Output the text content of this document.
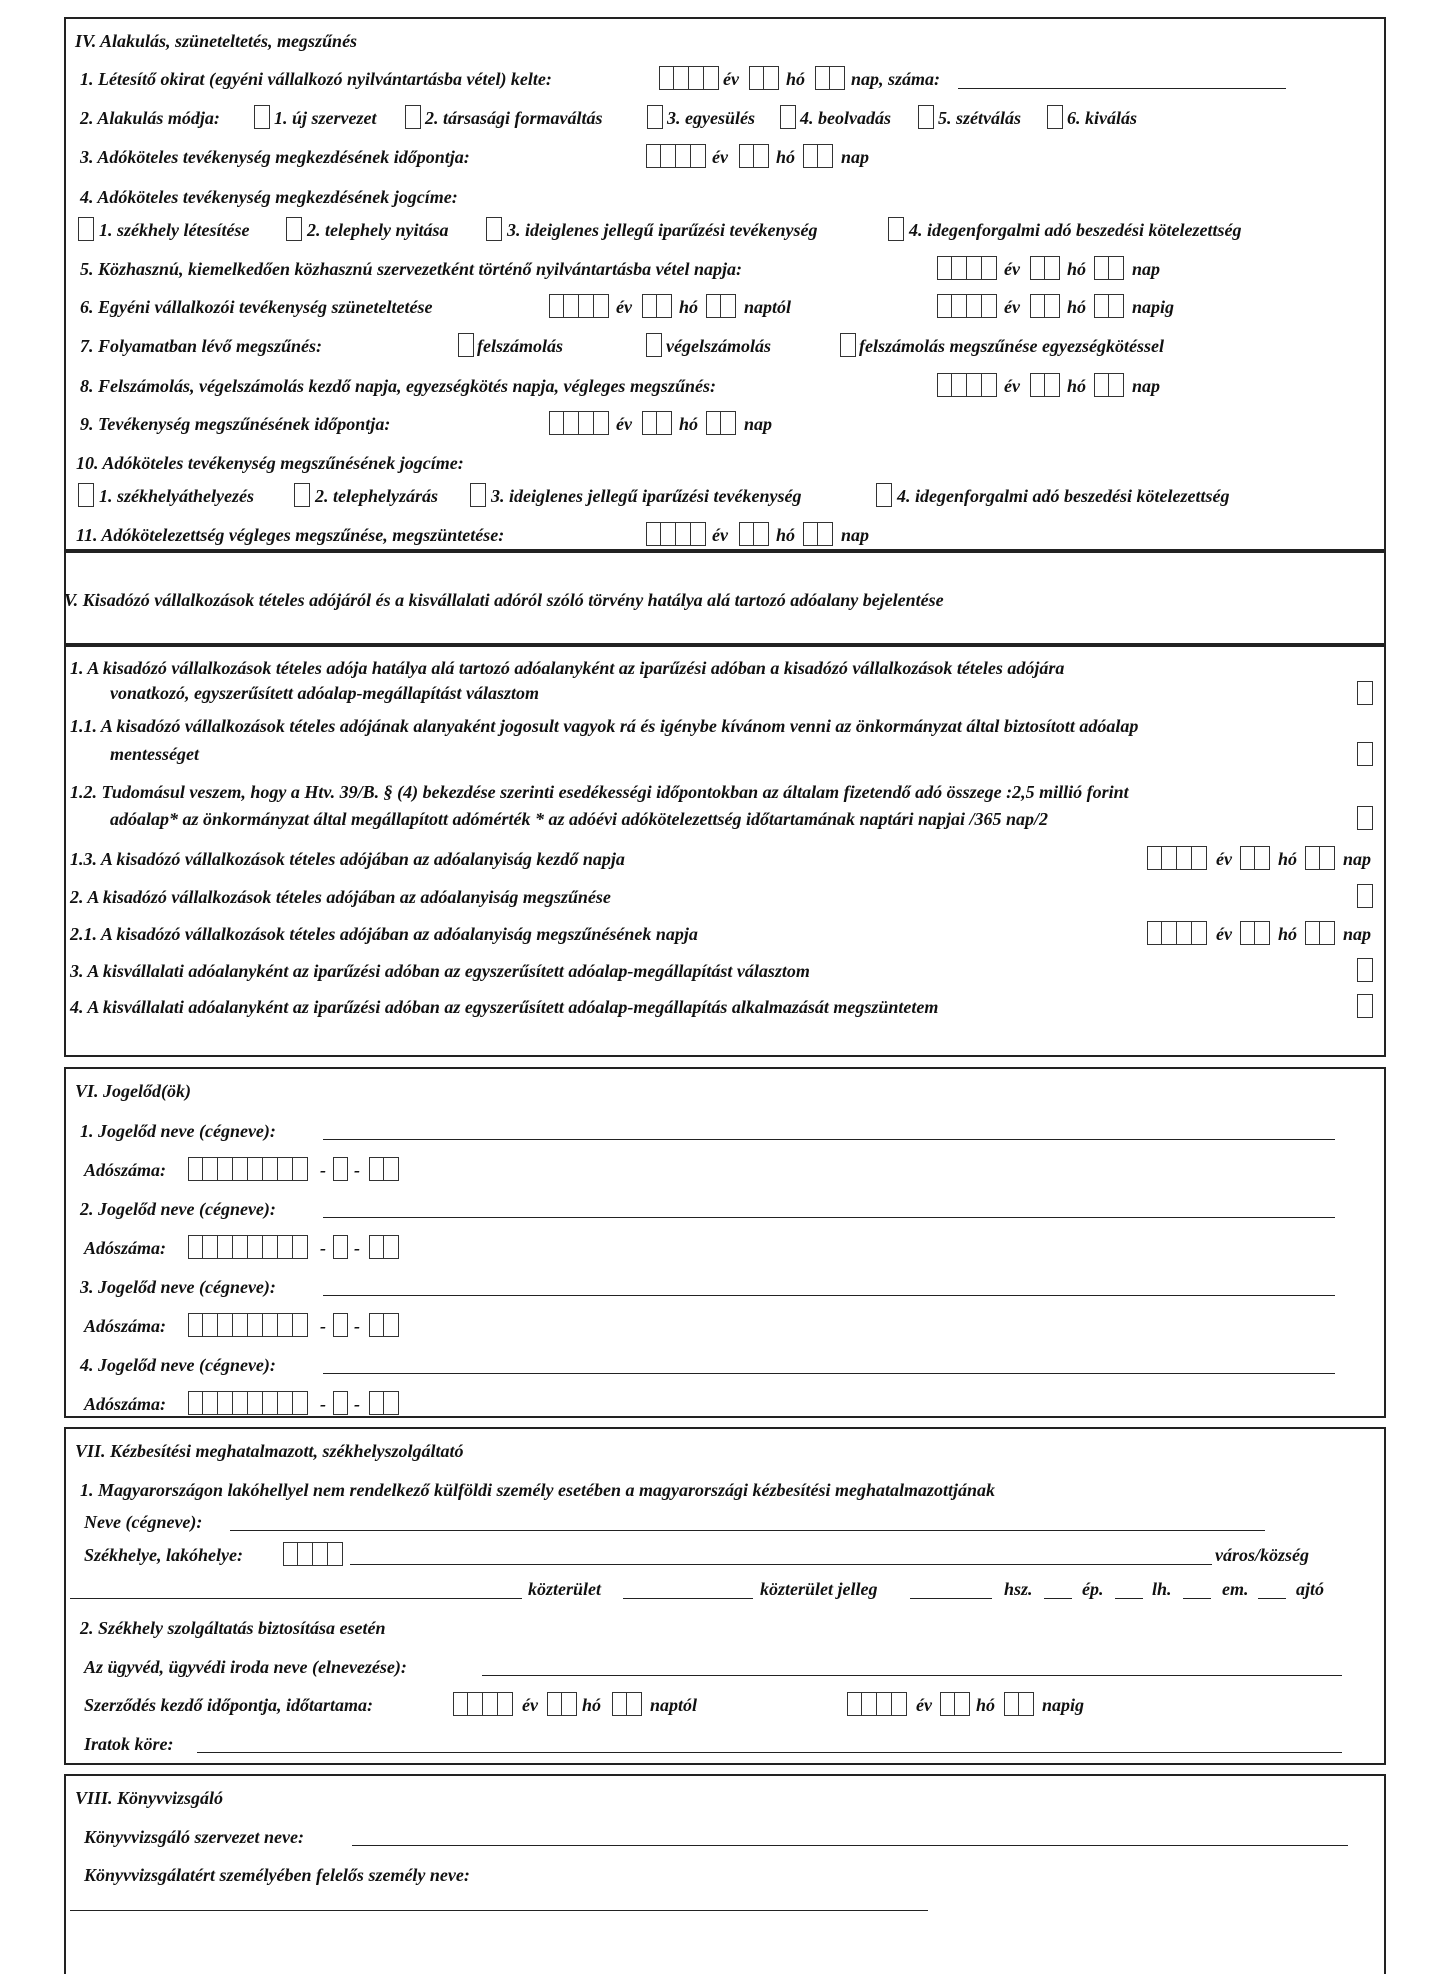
IV. Alakulás, szüneteltetés, megszűnés
1. Létesítő okirat (egyéni vállalkozó nyilvántartásba vétel) kelte:	év	hó	nap, száma:
2. Alakulás módja:	1. új szervezet	2. társasági formaváltás	3. egyesülés	4. beolvadás	5. szétválás	6. kiválás
3. Adóköteles tevékenység megkezdésének időpontja:	év	hó	nap
4. Adóköteles tevékenység megkezdésének jogcíme:
1. székhely létesítése	2. telephely nyitása	3. ideiglenes jellegű iparűzési tevékenység	4. idegenforgalmi adó beszedési kötelezettség
5. Közhasznú, kiemelkedően közhasznú szervezetként történő nyilvántartásba vétel napja:	év	hó	nap
6. Egyéni vállalkozói tevékenység szüneteltetése	év	hó	naptól	év	hó	napig
7. Folyamatban lévő megszűnés:	felszámolás	végelszámolás	felszámolás megszűnése egyezségkötéssel
8. Felszámolás, végelszámolás kezdő napja, egyezségkötés napja, végleges megszűnés:	év	hó	nap
9. Tevékenység megszűnésének időpontja:	év	hó	nap
10. Adóköteles tevékenység megszűnésének jogcíme:
1. székhelyáthelyezés	2. telephelyzárás	3. ideiglenes jellegű iparűzési tevékenység	4. idegenforgalmi adó beszedési kötelezettség
11. Adókötelezettség végleges megszűnése, megszüntetése:	év	hó	nap
V. Kisadózó vállalkozások tételes adójáról és a kisvállalati adóról szóló törvény hatálya alá tartozó adóalany bejelentése
1. A kisadózó vállalkozások tételes adója hatálya alá tartozó adóalanyként az iparűzési adóban a kisadózó vállalkozások tételes adójára
vonatkozó, egyszerűsített adóalap-megállapítást választom
1.1. A kisadózó vállalkozások tételes adójának alanyaként jogosult vagyok rá és igénybe kívánom venni az önkormányzat által biztosított adóalap
mentességet
1.2. Tudomásul veszem, hogy a Htv. 39/B. § (4) bekezdése szerinti esedékességi időpontokban az általam fizetendő adó összege :2,5 millió forint
adóalap* az önkormányzat által megállapított adómérték * az adóévi adókötelezettség időtartamának naptári napjai /365 nap/2
1.3. A kisadózó vállalkozások tételes adójában az adóalanyiság kezdő napja	év	hó	nap
2. A kisadózó vállalkozások tételes adójában az adóalanyiság megszűnése
2.1. A kisadózó vállalkozások tételes adójában az adóalanyiság megszűnésének napja	év	hó	nap
3. A kisvállalati adóalanyként az iparűzési adóban az egyszerűsített adóalap-megállapítást választom
4. A kisvállalati adóalanyként az iparűzési adóban az egyszerűsített adóalap-megállapítás alkalmazását megszüntetem
VI. Jogelőd(ök)
1. Jogelőd neve (cégneve):
Adószáma:	- -
2. Jogelőd neve (cégneve):
Adószáma:	- -
3. Jogelőd neve (cégneve):
Adószáma:	- -
4. Jogelőd neve (cégneve):
Adószáma:	- -
VII. Kézbesítési meghatalmazott, székhelyszolgáltató
1. Magyarországon lakóhellyel nem rendelkező külföldi személy esetében a magyarországi kézbesítési meghatalmazottjának
Neve (cégneve):
Székhelye, lakóhelye:	város/község
közterület	közterület jelleg	hsz.	ép.	lh.	em.	ajtó
2. Székhely szolgáltatás biztosítása esetén
Az ügyvéd, ügyvédi iroda neve (elnevezése):
Szerződés kezdő időpontja, időtartama:	év hó	naptól	év hó	napig
Iratok köre:
VIII. Könyvvizsgáló
Könyvvizsgáló szervezet neve:
Könyvvizsgálatért személyében felelős személy neve:
